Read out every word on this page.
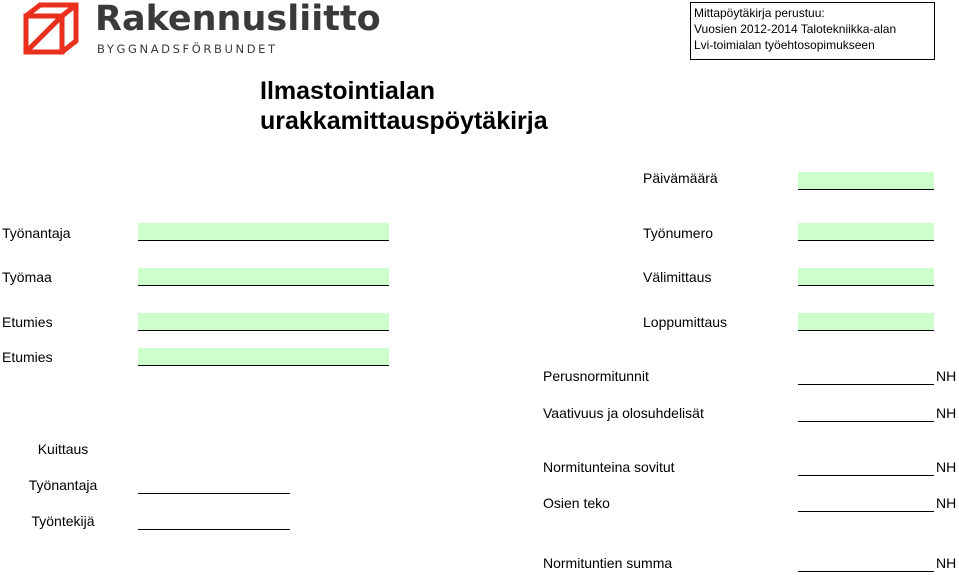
Rakennusliitto
BYGGNADSFÖRBUNDET
Mittapöytäkirja perustuu:
Vuosien 2012-2014 Talotekniikka-alan
Lvi-toimialan työehtosopimukseen
Ilmastointialan
urakkamittauspöytäkirja
Päivämäärä
Työnumero
Välimittaus
Loppumittaus
Työnantaja
Työmaa
Etumies
Etumies
Perusnormitunnit	NH
Vaativuus ja olosuhdelisät	NH
Normitunteina sovitut	NH
Osien teko	NH
Normituntien summa	NH
Kuittaus
Työnantaja
Työntekijä
